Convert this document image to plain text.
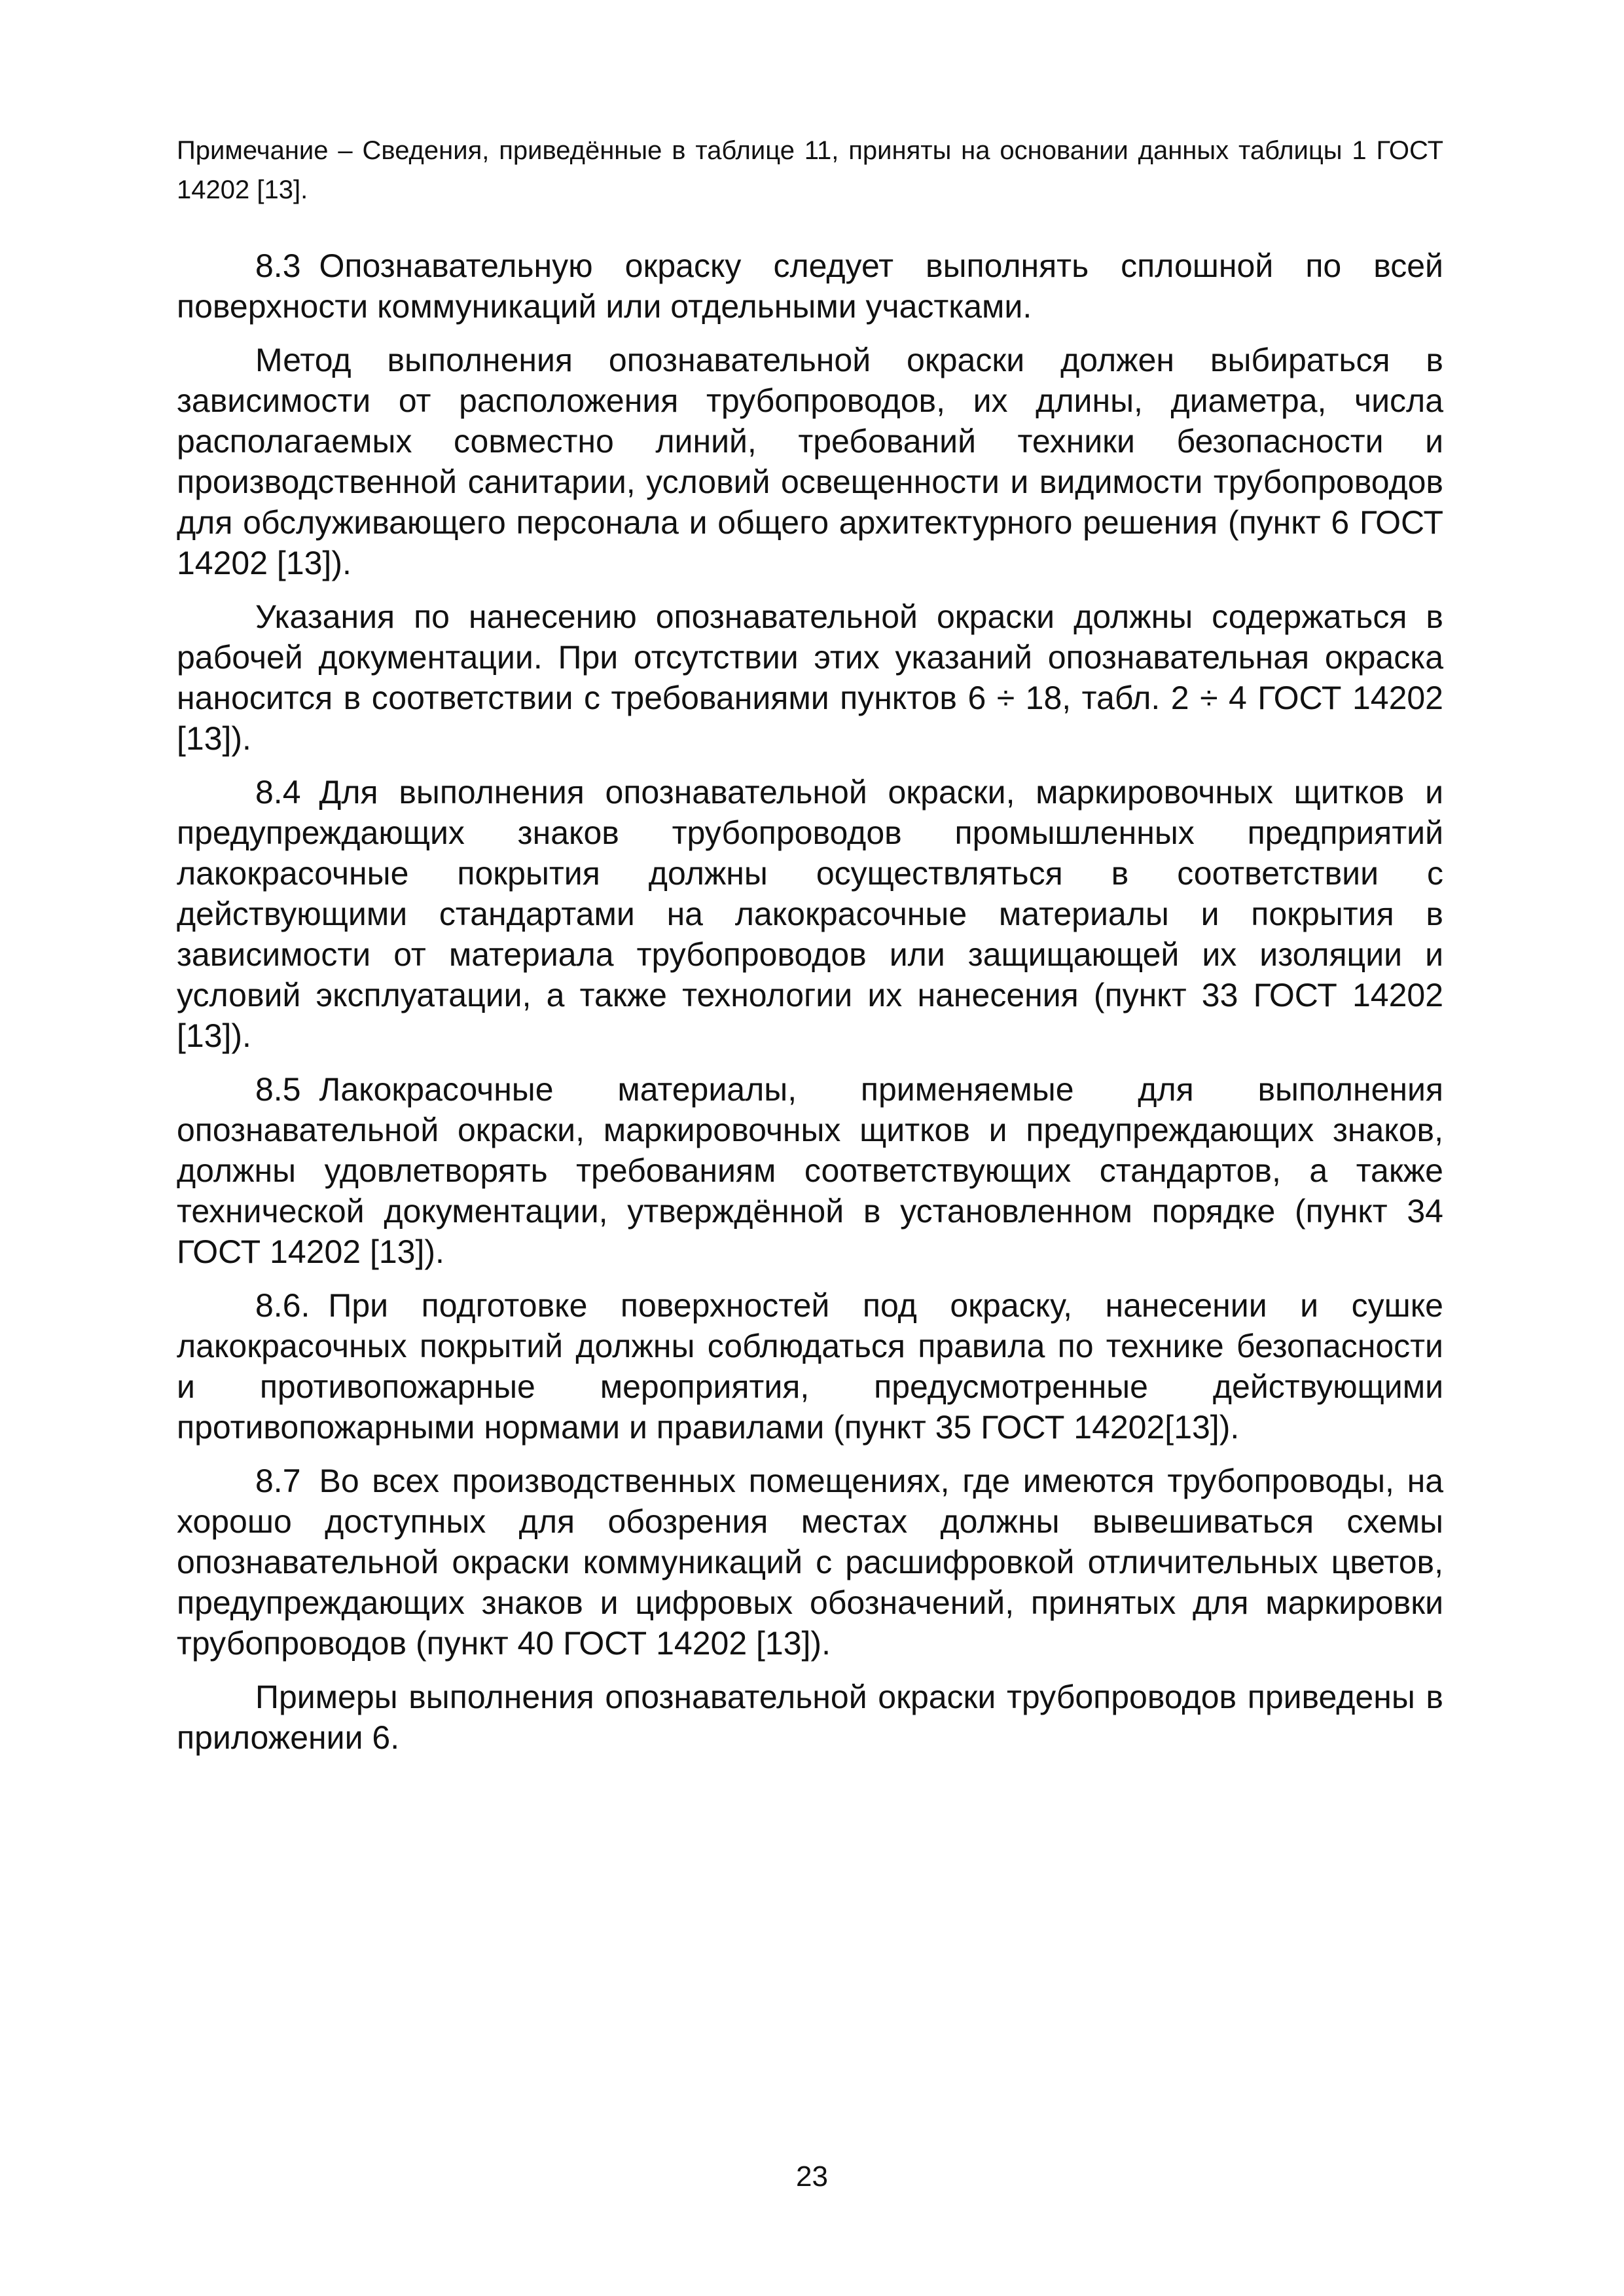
Примечание – Сведения, приведённые в таблице 11, приняты на основании данных таблицы 1 ГОСТ 14202 [13].

8.3 Опознавательную окраску следует выполнять сплошной по всей поверхности коммуникаций или отдельными участками.

Метод выполнения опознавательной окраски должен выбираться в зависимости от расположения трубопроводов, их длины, диаметра, числа располагаемых совместно линий, требований техники безопасности и производственной санитарии, условий освещенности и видимости трубопроводов для обслуживающего персонала и общего архитектурного решения (пункт 6 ГОСТ 14202 [13]).

Указания по нанесению опознавательной окраски должны содержаться в рабочей документации. При отсутствии этих указаний опознавательная окраска наносится в соответствии с требованиями пунктов 6 ÷ 18, табл. 2 ÷ 4 ГОСТ 14202 [13]).

8.4 Для выполнения опознавательной окраски, маркировочных щитков и предупреждающих знаков трубопроводов промышленных предприятий лакокрасочные покрытия должны осуществляться в соответствии с действующими стандартами на лакокрасочные материалы и покрытия в зависимости от материала трубопроводов или защищающей их изоляции и условий эксплуатации, а также технологии их нанесения (пункт 33 ГОСТ 14202 [13]).

8.5 Лакокрасочные материалы, применяемые для выполнения опознавательной окраски, маркировочных щитков и предупреждающих знаков, должны удовлетворять требованиям соответствующих стандартов, а также технической документации, утверждённой в установленном порядке (пункт 34 ГОСТ 14202 [13]).

8.6. При подготовке поверхностей под окраску, нанесении и сушке лакокрасочных покрытий должны соблюдаться правила по технике безопасности и противопожарные мероприятия, предусмотренные действующими противопожарными нормами и правилами (пункт 35 ГОСТ 14202[13]).

8.7 Во всех производственных помещениях, где имеются трубопроводы, на хорошо доступных для обозрения местах должны вывешиваться схемы опознавательной окраски коммуникаций с расшифровкой отличительных цветов, предупреждающих знаков и цифровых обозначений, принятых для маркировки трубопроводов (пункт 40 ГОСТ 14202 [13]).

Примеры выполнения опознавательной окраски трубопроводов приведены в приложении 6.

23
